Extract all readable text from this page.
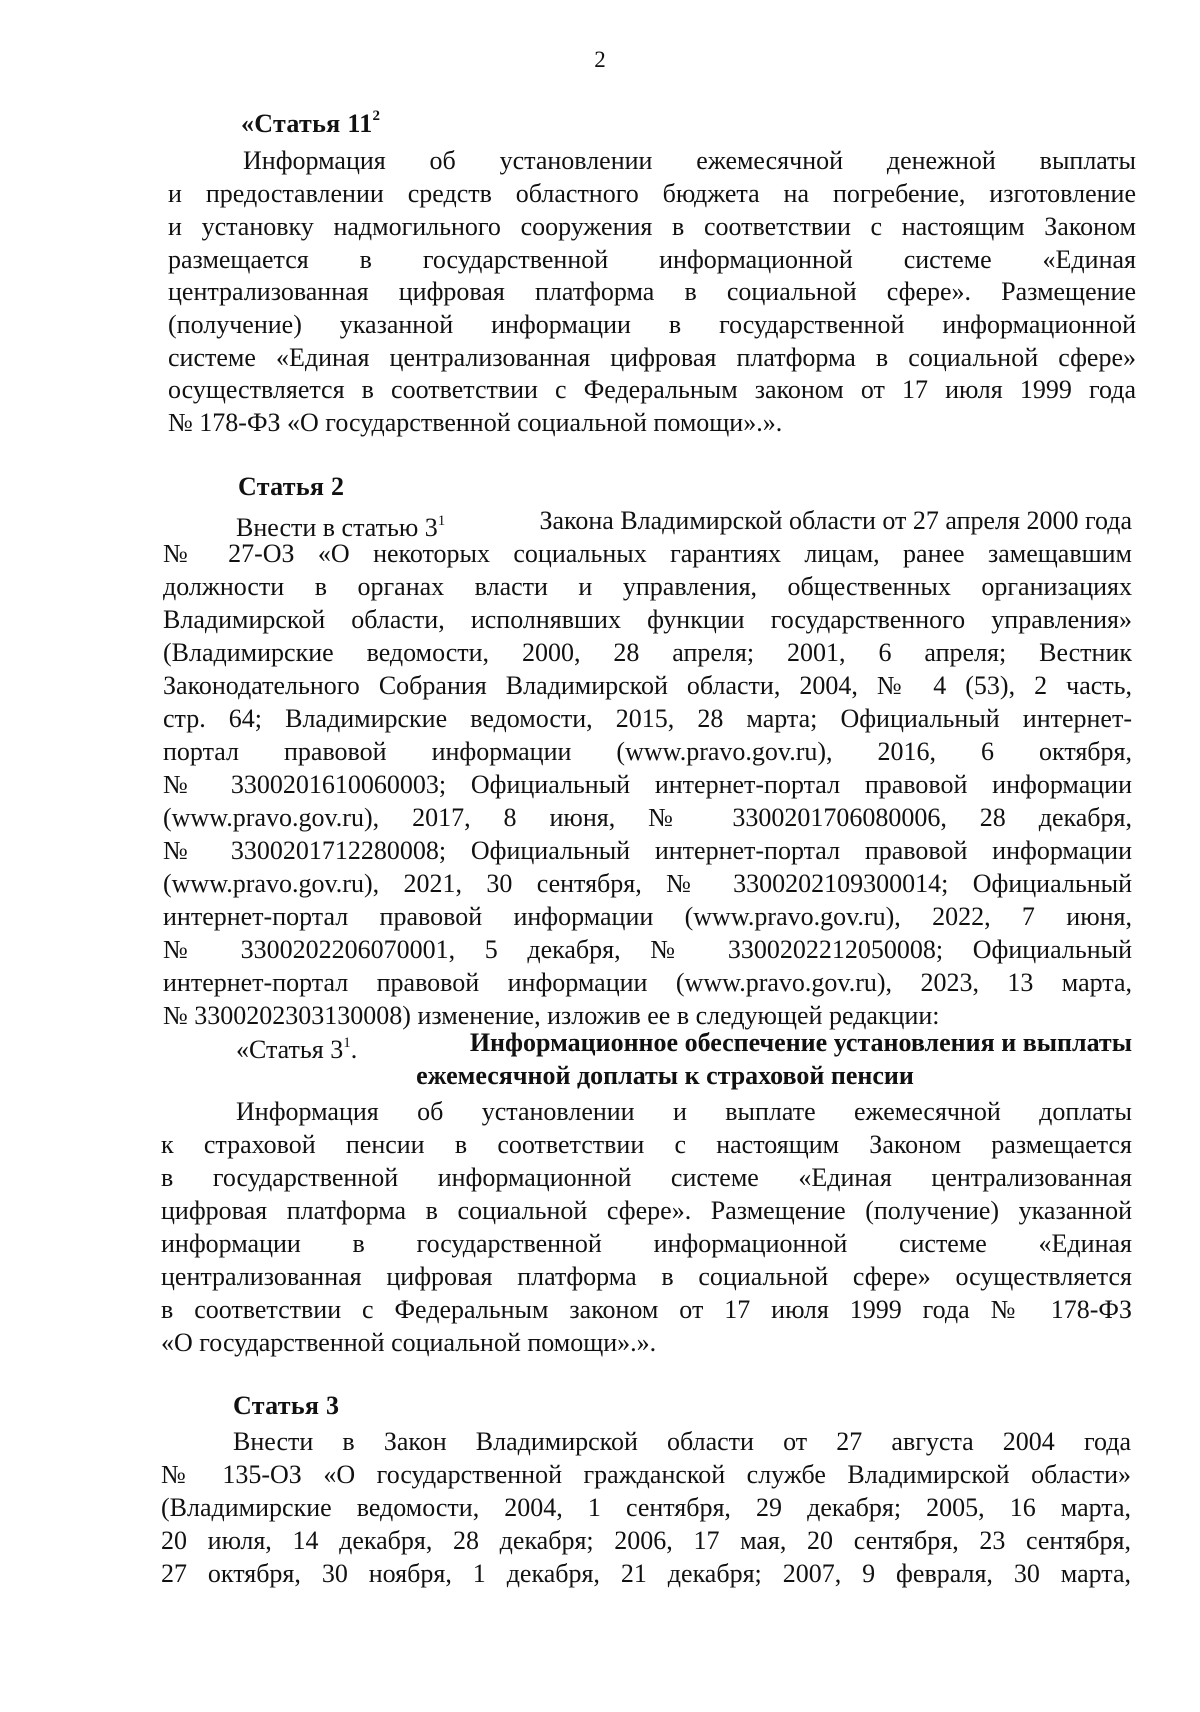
2
«Статья $11^2$
Информация об установлении ежемесячной денежной выплаты
и предоставлении средств областного бюджета на погребение, изготовление
и установку надмогильного сооружения в соответствии с настоящим Законом
размещается в государственной информационной системе «Единая
централизованная цифровая платформа в социальной сфере». Размещение
(получение) указанной информации в государственной информационной
системе «Единая централизованная цифровая платформа в социальной сфере»
осуществляется в соответствии с Федеральным законом от 17 июля 1999 года
№ 178-ФЗ «О государственной социальной помощи».».
Статья 2
Внести в статью $3^1$	Закона Владимирской области от 27 апреля 2000 года
№ 27-ОЗ «О некоторых социальных гарантиях лицам, ранее замещавшим
должности в органах власти и управления, общественных организациях
Владимирской области, исполнявших функции государственного управления»
(Владимирские ведомости, 2000, 28 апреля; 2001, 6 апреля; Вестник
Законодательного Собрания Владимирской области, 2004, № 4 (53), 2 часть,
стр. 64; Владимирские ведомости, 2015, 28 марта; Официальный интернет-
портал правовой информации (www.pravo.gov.ru), 2016, 6 октября,
№ 3300201610060003; Официальный интернет-портал правовой информации
(www.pravo.gov.ru), 2017, 8 июня, № 3300201706080006, 28 декабря,
№ 3300201712280008; Официальный интернет-портал правовой информации
(www.pravo.gov.ru), 2021, 30 сентября, № 3300202109300014; Официальный
интернет-портал правовой информации (www.pravo.gov.ru), 2022, 7 июня,
№ 3300202206070001, 5 декабря, № 3300202212050008; Официальный
интернет-портал правовой информации (www.pravo.gov.ru), 2023, 13 марта,
№ 3300202303130008) изменение, изложив ее в следующей редакции:
«Статья $3^1$.	Информационное обеспечение установления и выплаты
ежемесячной доплаты к страховой пенсии
Информация об установлении и выплате ежемесячной доплаты
к страховой пенсии в соответствии с настоящим Законом размещается
в государственной информационной системе «Единая централизованная
цифровая платформа в социальной сфере». Размещение (получение) указанной
информации в государственной информационной системе «Единая
централизованная цифровая платформа в социальной сфере» осуществляется
в соответствии с Федеральным законом от 17 июля 1999 года № 178-ФЗ
«О государственной социальной помощи».».
Статья 3
Внести в Закон Владимирской области от 27 августа 2004 года
№ 135-ОЗ «О государственной гражданской службе Владимирской области»
(Владимирские ведомости, 2004, 1 сентября, 29 декабря; 2005, 16 марта,
20 июля, 14 декабря, 28 декабря; 2006, 17 мая, 20 сентября, 23 сентября,
27 октября, 30 ноября, 1 декабря, 21 декабря; 2007, 9 февраля, 30 марта,
